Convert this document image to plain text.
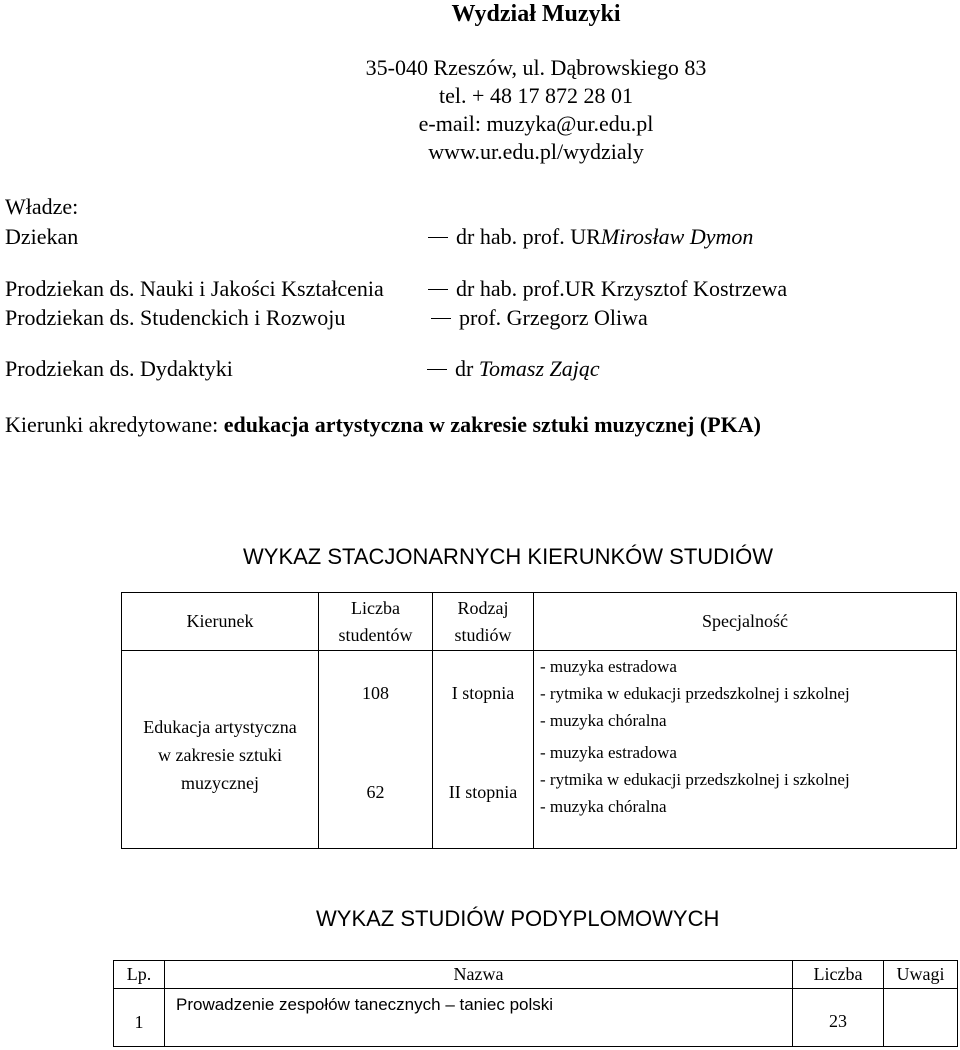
Wydział Muzyki
35-040 Rzeszów, ul. Dąbrowskiego 83
tel. + 48 17 872 28 01
e-mail: muzyka@ur.edu.pl
www.ur.edu.pl/wydzialy
Władze:
Dziekan	dr hab. prof. URMirosław Dymon
Prodziekan ds. Nauki i Jakości Kształcenia	dr hab. prof.UR Krzysztof Kostrzewa
Prodziekan ds. Studenckich i Rozwoju	prof. Grzegorz Oliwa
Prodziekan ds. Dydaktyki	dr Tomasz Zając
Kierunki akredytowane: edukacja artystyczna w zakresie sztuki muzycznej (PKA)
WYKAZ STACJONARNYCH KIERUNKÓW STUDIÓW
Kierunek	Liczba studentów	Rodzaj studiów	Specjalność

Edukacja artystyczna w zakresie sztuki muzycznej	108	I stopnia	- muzyka estradowa
- rytmika w edukacji przedszkolnej i szkolnej
- muzyka chóralna

	62	II stopnia	- muzyka estradowa
- rytmika w edukacji przedszkolnej i szkolnej
- muzyka chóralna
WYKAZ STUDIÓW PODYPLOMOWYCH
Lp.	Nazwa	Liczba	Uwagi
1	Prowadzenie zespołów tanecznych – taniec polski	23	
